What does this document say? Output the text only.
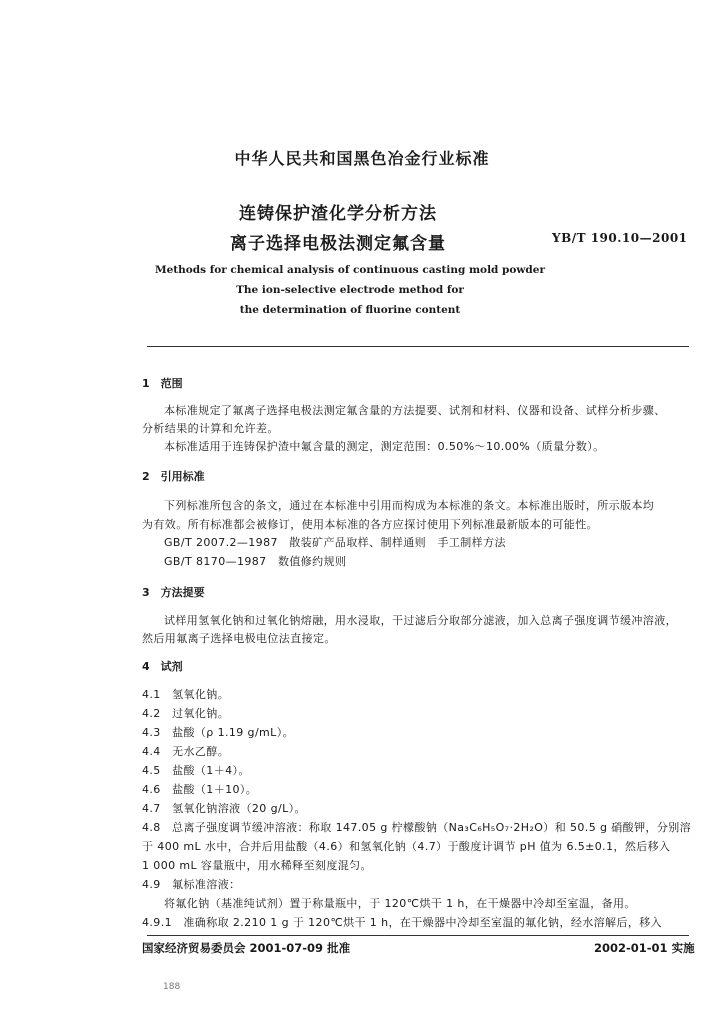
中华人民共和国黑色冶金行业标准
连铸保护渣化学分析方法
离子选择电极法测定氟含量	YB/T 190.10—2001
Methods for chemical analysis of continuous casting mold powder
The ion-selective electrode method for
the determination of fluorine content
1　范围
本标准规定了氟离子选择电极法测定氟含量的方法提要、试剂和材料、仪器和设备、试样分析步骤、
分析结果的计算和允许差。
本标准适用于连铸保护渣中氟含量的测定，测定范围：0.50%～10.00%（质量分数）。
2　引用标准
下列标准所包含的条文，通过在本标准中引用而构成为本标准的条文。本标准出版时，所示版本均
为有效。所有标准都会被修订，使用本标准的各方应探讨使用下列标准最新版本的可能性。
GB/T 2007.2—1987　散装矿产品取样、制样通则　手工制样方法
GB/T 8170—1987　数值修约规则
3　方法提要
试样用氢氧化钠和过氧化钠熔融，用水浸取，干过滤后分取部分滤液，加入总离子强度调节缓冲溶液，
然后用氟离子选择电极电位法直接定。
4　试剂
4.1　氢氧化钠。
4.2　过氧化钠。
4.3　盐酸（ρ 1.19 g/mL）。
4.4　无水乙醇。
4.5　盐酸（1＋4）。
4.6　盐酸（1＋10）。
4.7　氢氧化钠溶液（20 g/L）。
4.8　总离子强度调节缓冲溶液：称取 147.05 g 柠檬酸钠（Na₃C₆H₅O₇·2H₂O）和 50.5 g 硝酸钾，分别溶
于 400 mL 水中，合并后用盐酸（4.6）和氢氧化钠（4.7）于酸度计调节 pH 值为 6.5±0.1，然后移入
1 000 mL 容量瓶中，用水稀释至刻度混匀。
4.9　氟标准溶液：
将氟化钠（基准纯试剂）置于称量瓶中，于 120℃烘干 1 h，在干燥器中冷却至室温，备用。
4.9.1　准确称取 2.210 1 g 于 120℃烘干 1 h，在干燥器中冷却至室温的氟化钠，经水溶解后，移入
国家经济贸易委员会 2001-07-09 批准	2002-01-01 实施
188
